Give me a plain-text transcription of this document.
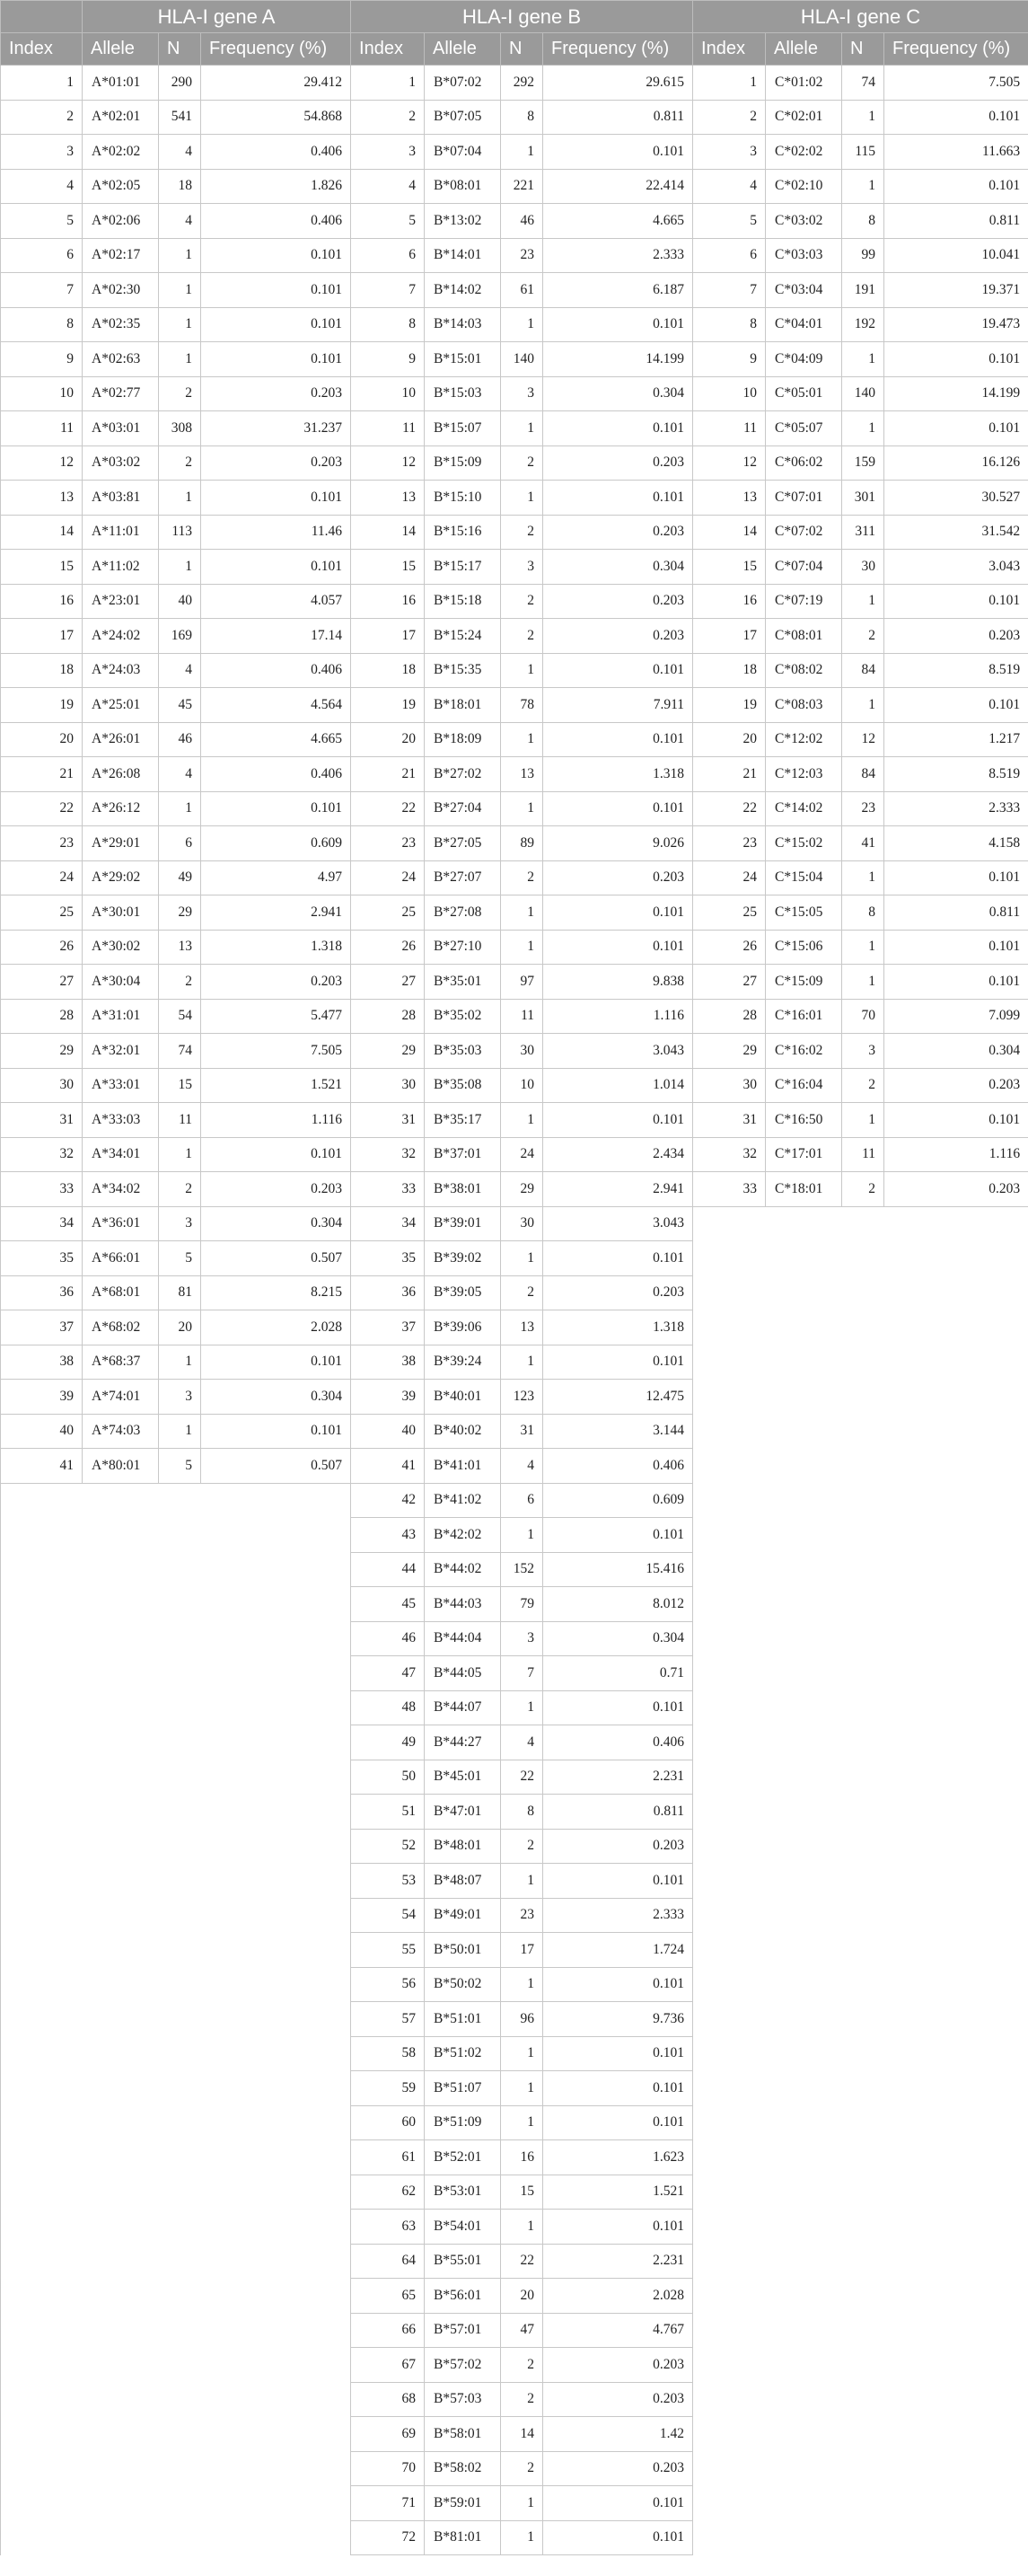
	HLA-I gene A			HLA-I gene B				HLA-I gene C			
Index	Allele	N	Frequency (%)	Index	Allele	N	Frequency (%)	Index	Allele	N	Frequency (%)
1	A*01:01	290	29.412	1	B*07:02	292	29.615	1	C*01:02	74	7.505
2	A*02:01	541	54.868	2	B*07:05	8	0.811	2	C*02:01	1	0.101
3	A*02:02	4	0.406	3	B*07:04	1	0.101	3	C*02:02	115	11.663
4	A*02:05	18	1.826	4	B*08:01	221	22.414	4	C*02:10	1	0.101
5	A*02:06	4	0.406	5	B*13:02	46	4.665	5	C*03:02	8	0.811
6	A*02:17	1	0.101	6	B*14:01	23	2.333	6	C*03:03	99	10.041
7	A*02:30	1	0.101	7	B*14:02	61	6.187	7	C*03:04	191	19.371
8	A*02:35	1	0.101	8	B*14:03	1	0.101	8	C*04:01	192	19.473
9	A*02:63	1	0.101	9	B*15:01	140	14.199	9	C*04:09	1	0.101
10	A*02:77	2	0.203	10	B*15:03	3	0.304	10	C*05:01	140	14.199
11	A*03:01	308	31.237	11	B*15:07	1	0.101	11	C*05:07	1	0.101
12	A*03:02	2	0.203	12	B*15:09	2	0.203	12	C*06:02	159	16.126
13	A*03:81	1	0.101	13	B*15:10	1	0.101	13	C*07:01	301	30.527
14	A*11:01	113	11.46	14	B*15:16	2	0.203	14	C*07:02	311	31.542
15	A*11:02	1	0.101	15	B*15:17	3	0.304	15	C*07:04	30	3.043
16	A*23:01	40	4.057	16	B*15:18	2	0.203	16	C*07:19	1	0.101
17	A*24:02	169	17.14	17	B*15:24	2	0.203	17	C*08:01	2	0.203
18	A*24:03	4	0.406	18	B*15:35	1	0.101	18	C*08:02	84	8.519
19	A*25:01	45	4.564	19	B*18:01	78	7.911	19	C*08:03	1	0.101
20	A*26:01	46	4.665	20	B*18:09	1	0.101	20	C*12:02	12	1.217
21	A*26:08	4	0.406	21	B*27:02	13	1.318	21	C*12:03	84	8.519
22	A*26:12	1	0.101	22	B*27:04	1	0.101	22	C*14:02	23	2.333
23	A*29:01	6	0.609	23	B*27:05	89	9.026	23	C*15:02	41	4.158
24	A*29:02	49	4.97	24	B*27:07	2	0.203	24	C*15:04	1	0.101
25	A*30:01	29	2.941	25	B*27:08	1	0.101	25	C*15:05	8	0.811
26	A*30:02	13	1.318	26	B*27:10	1	0.101	26	C*15:06	1	0.101
27	A*30:04	2	0.203	27	B*35:01	97	9.838	27	C*15:09	1	0.101
28	A*31:01	54	5.477	28	B*35:02	11	1.116	28	C*16:01	70	7.099
29	A*32:01	74	7.505	29	B*35:03	30	3.043	29	C*16:02	3	0.304
30	A*33:01	15	1.521	30	B*35:08	10	1.014	30	C*16:04	2	0.203
31	A*33:03	11	1.116	31	B*35:17	1	0.101	31	C*16:50	1	0.101
32	A*34:01	1	0.101	32	B*37:01	24	2.434	32	C*17:01	11	1.116
33	A*34:02	2	0.203	33	B*38:01	29	2.941	33	C*18:01	2	0.203
34	A*36:01	3	0.304	34	B*39:01	30	3.043				
35	A*66:01	5	0.507	35	B*39:02	1	0.101				
36	A*68:01	81	8.215	36	B*39:05	2	0.203				
37	A*68:02	20	2.028	37	B*39:06	13	1.318				
38	A*68:37	1	0.101	38	B*39:24	1	0.101				
39	A*74:01	3	0.304	39	B*40:01	123	12.475				
40	A*74:03	1	0.101	40	B*40:02	31	3.144				
41	A*80:01	5	0.507	41	B*41:01	4	0.406				
				42	B*41:02	6	0.609				
				43	B*42:02	1	0.101				
				44	B*44:02	152	15.416				
				45	B*44:03	79	8.012				
				46	B*44:04	3	0.304				
				47	B*44:05	7	0.71				
				48	B*44:07	1	0.101				
				49	B*44:27	4	0.406				
				50	B*45:01	22	2.231				
				51	B*47:01	8	0.811				
				52	B*48:01	2	0.203				
				53	B*48:07	1	0.101				
				54	B*49:01	23	2.333				
				55	B*50:01	17	1.724				
				56	B*50:02	1	0.101				
				57	B*51:01	96	9.736				
				58	B*51:02	1	0.101				
				59	B*51:07	1	0.101				
				60	B*51:09	1	0.101				
				61	B*52:01	16	1.623				
				62	B*53:01	15	1.521				
				63	B*54:01	1	0.101				
				64	B*55:01	22	2.231				
				65	B*56:01	20	2.028				
				66	B*57:01	47	4.767				
				67	B*57:02	2	0.203				
				68	B*57:03	2	0.203				
				69	B*58:01	14	1.42				
				70	B*58:02	2	0.203				
				71	B*59:01	1	0.101				
				72	B*81:01	1	0.101				
